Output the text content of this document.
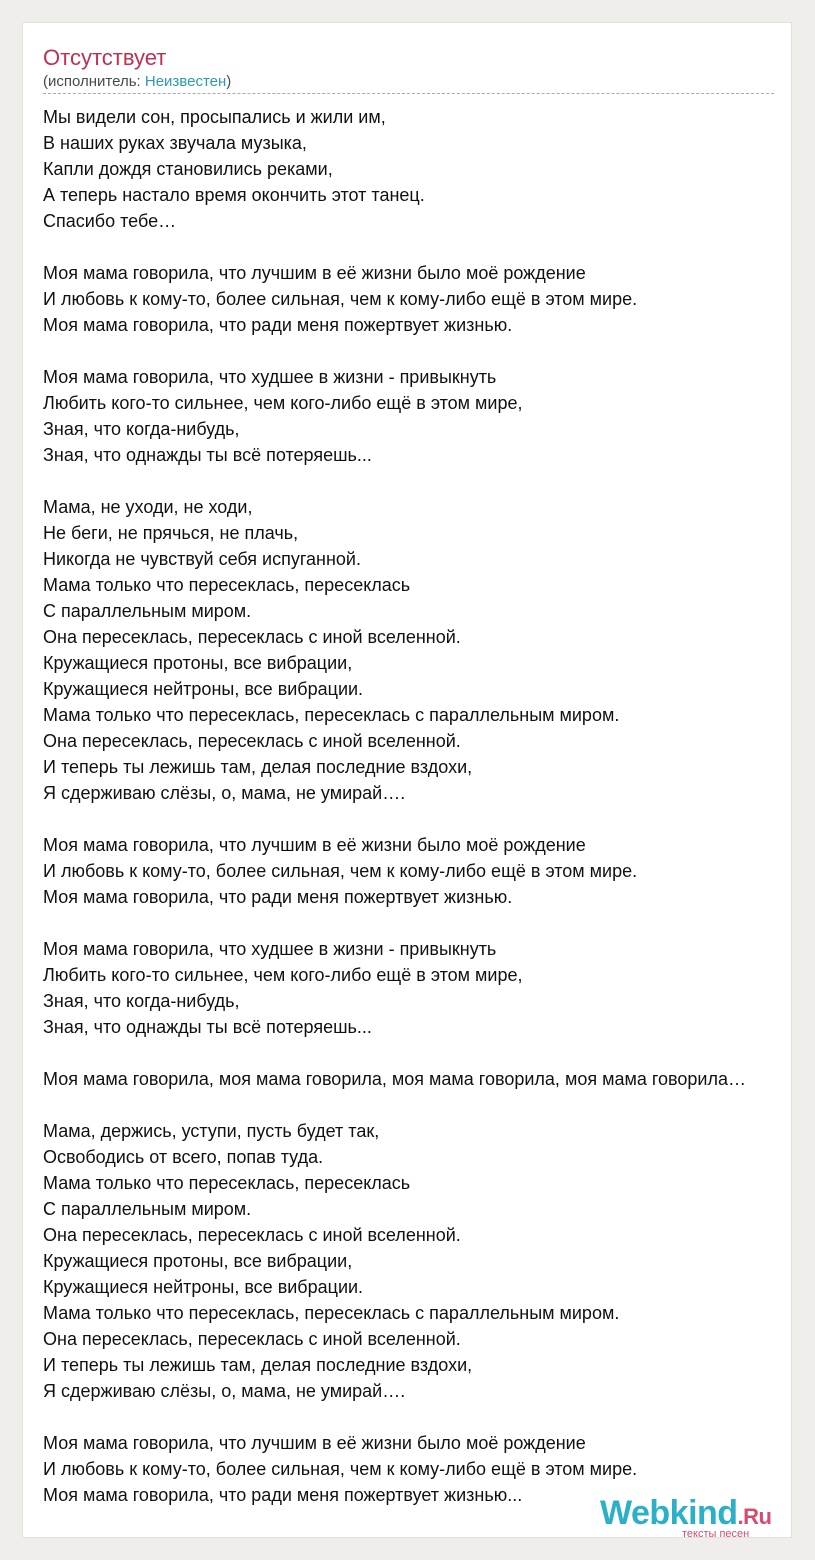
Отсутствует
(исполнитель: Неизвестен)
Мы видели сон, просыпались и жили им,
В наших руках звучала музыка,
Капли дождя становились реками,
А теперь настало время окончить этот танец.
Спасибо тебе…
Моя мама говорила, что лучшим в её жизни было моё рождение
И любовь к кому-то, более сильная, чем к кому-либо ещё в этом мире.
Моя мама говорила, что ради меня пожертвует жизнью.
Моя мама говорила, что худшее в жизни - привыкнуть
Любить кого-то сильнее, чем кого-либо ещё в этом мире,
Зная, что когда-нибудь,
Зная, что однажды ты всё потеряешь...
Мама, не уходи, не ходи,
Не беги, не прячься, не плачь,
Никогда не чувствуй себя испуганной.
Мама только что пересеклась, пересеклась
С параллельным миром.
Она пересеклась, пересеклась с иной вселенной.
Кружащиеся протоны, все вибрации,
Кружащиеся нейтроны, все вибрации.
Мама только что пересеклась, пересеклась с параллельным миром.
Она пересеклась, пересеклась с иной вселенной.
И теперь ты лежишь там, делая последние вздохи,
Я сдерживаю слёзы, о, мама, не умирай….
Моя мама говорила, что лучшим в её жизни было моё рождение
И любовь к кому-то, более сильная, чем к кому-либо ещё в этом мире.
Моя мама говорила, что ради меня пожертвует жизнью.
Моя мама говорила, что худшее в жизни - привыкнуть
Любить кого-то сильнее, чем кого-либо ещё в этом мире,
Зная, что когда-нибудь,
Зная, что однажды ты всё потеряешь...
Моя мама говорила, моя мама говорила, моя мама говорила, моя мама говорила…
Мама, держись, уступи, пусть будет так,
Освободись от всего, попав туда.
Мама только что пересеклась, пересеклась
С параллельным миром.
Она пересеклась, пересеклась с иной вселенной.
Кружащиеся протоны, все вибрации,
Кружащиеся нейтроны, все вибрации.
Мама только что пересеклась, пересеклась с параллельным миром.
Она пересеклась, пересеклась с иной вселенной.
И теперь ты лежишь там, делая последние вздохи,
Я сдерживаю слёзы, о, мама, не умирай….
Моя мама говорила, что лучшим в её жизни было моё рождение
И любовь к кому-то, более сильная, чем к кому-либо ещё в этом мире.
Моя мама говорила, что ради меня пожертвует жизнью...	Webkind.Ru
тексты песен
